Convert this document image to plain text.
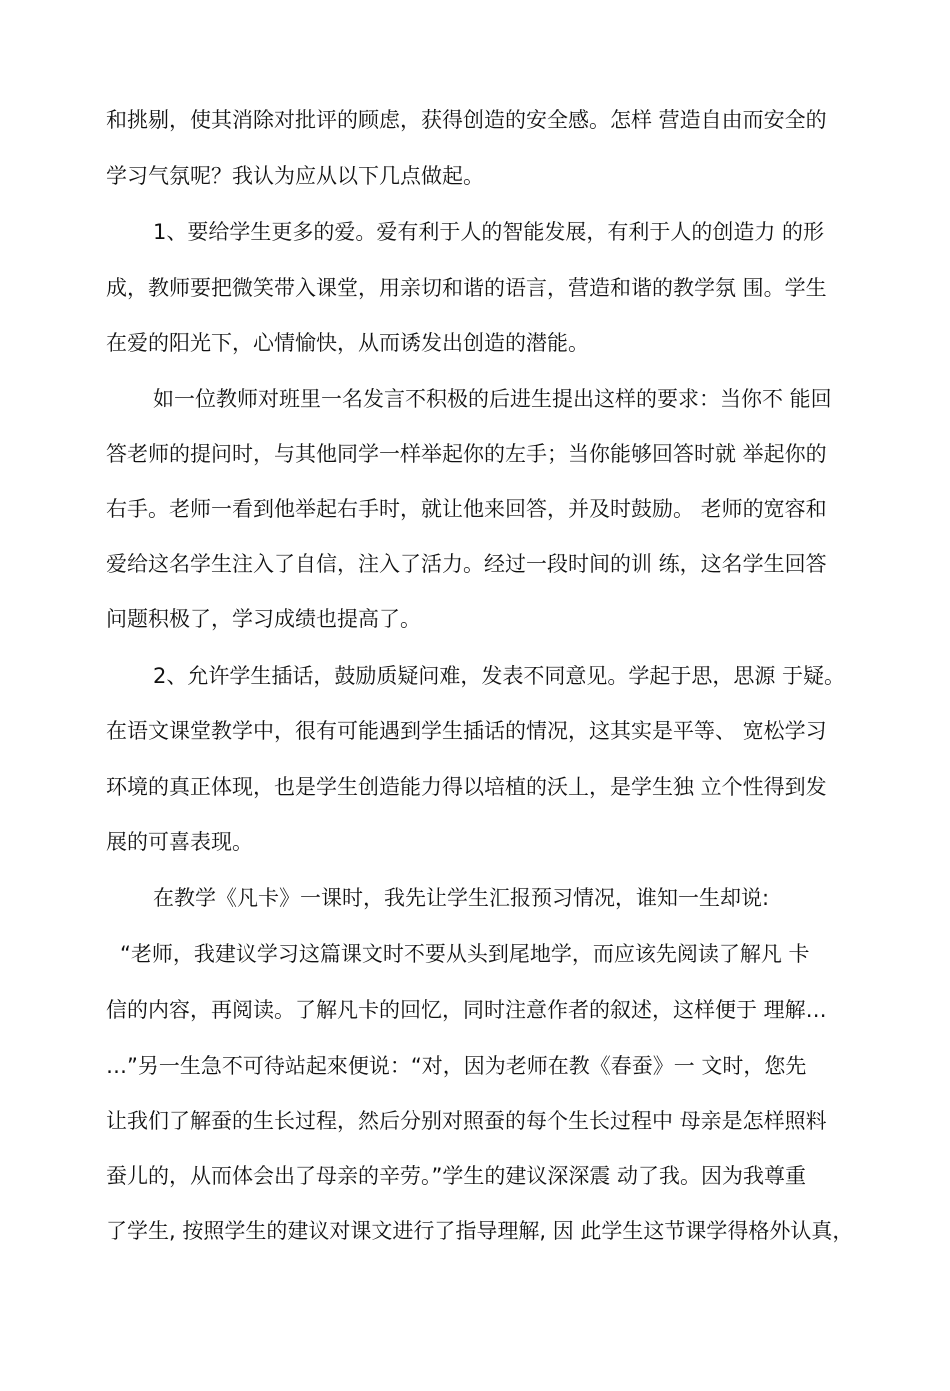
和挑剔，使其消除对批评的顾虑，获得创造的安全感。怎样 营造自由而安全的
学习气氛呢？我认为应从以下几点做起。
1、要给学生更多的爱。爱有利于人的智能发展，有利于人的创造力 的形
成，教师要把微笑带入课堂，用亲切和谐的语言，营造和谐的教学氛 围。学生
在爱的阳光下，心情愉快，从而诱发出创造的潜能。
如一位教师对班里一名发言不积极的后进生提出这样的要求：当你不 能回
答老师的提问时，与其他同学一样举起你的左手；当你能够回答时就 举起你的
右手。老师一看到他举起右手时，就让他来回答，并及时鼓励。 老师的宽容和
爱给这名学生注入了自信，注入了活力。经过一段时间的训 练，这名学生回答
问题积极了，学习成绩也提高了。
2、允许学生插话，鼓励质疑问难，发表不同意见。学起于思，思源 于疑。
在语文课堂教学中，很有可能遇到学生插话的情况，这其实是平等、 宽松学习
环境的真正体现，也是学生创造能力得以培植的沃丄，是学生独 立个性得到发
展的可喜表现。
在教学《凡卡》一课时，我先让学生汇报预习情况，谁知一生却说:
“老师，我建议学习这篇课文时不要从头到尾地学，而应该先阅读了解凡 卡
信的内容，再阅读。了解凡卡的回忆，同时注意作者的叙述，这样便于 理解…
…”另一生急不可待站起來便说：“对，因为老师在教《春蚕》一 文时，您先
让我们了解蚕的生长过程，然后分别对照蚕的每个生长过程中 母亲是怎样照料
蚕儿的，从而体会出了母亲的辛劳。”学生的建议深深震 动了我。因为我尊重
了学生, 按照学生的建议对课文进行了指导理解, 因 此学生这节课学得格外认真，
